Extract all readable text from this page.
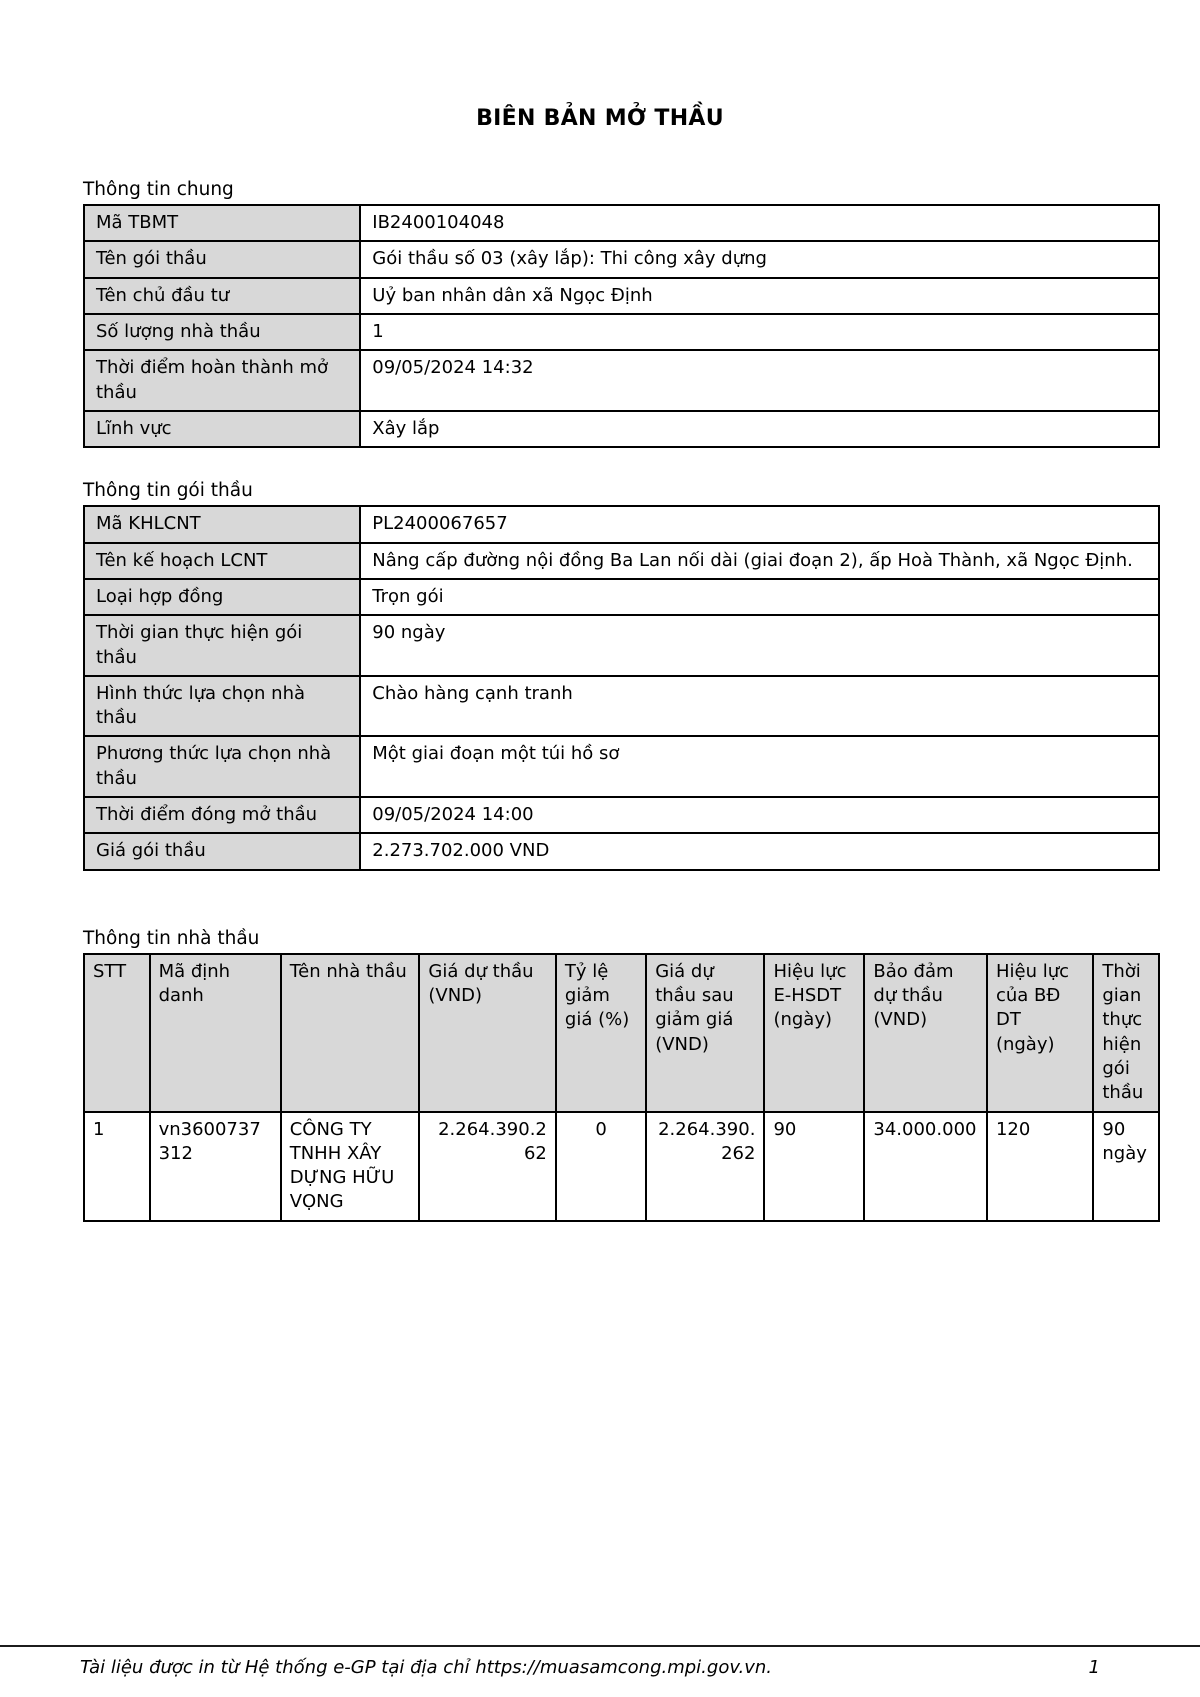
BIÊN BẢN MỞ THẦU
Thông tin chung
Mã TBMT	IB2400104048
Tên gói thầu	Gói thầu số 03 (xây lắp): Thi công xây dựng
Tên chủ đầu tư	Uỷ ban nhân dân xã Ngọc Định
Số lượng nhà thầu	1
Thời điểm hoàn thành mở thầu	09/05/2024 14:32
Lĩnh vực	Xây lắp
Thông tin gói thầu
Mã KHLCNT	PL2400067657
Tên kế hoạch LCNT	Nâng cấp đường nội đồng Ba Lan nối dài (giai đoạn 2), ấp Hoà Thành, xã Ngọc Định.
Loại hợp đồng	Trọn gói
Thời gian thực hiện gói thầu	90 ngày
Hình thức lựa chọn nhà thầu	Chào hàng cạnh tranh
Phương thức lựa chọn nhà thầu	Một giai đoạn một túi hồ sơ
Thời điểm đóng mở thầu	09/05/2024 14:00
Giá gói thầu	2.273.702.000 VND
Thông tin nhà thầu
STT	Mã định danh	Tên nhà thầu	Giá dự thầu (VND)	Tỷ lệ giảm giá (%)	Giá dự thầu sau giảm giá (VND)	Hiệu lực E-HSDT (ngày)	Bảo đảm dự thầu (VND)	Hiệu lực của BĐ DT (ngày)	Thời gian thực hiện gói thầu
1	vn3600737312	CÔNG TY TNHH XÂY DỰNG HỮU VỌNG	2.264.390.262	0	2.264.390.262	90	34.000.000	120	90 ngày
Tài liệu được in từ Hệ thống e-GP tại địa chỉ https://muasamcong.mpi.gov.vn.	1
